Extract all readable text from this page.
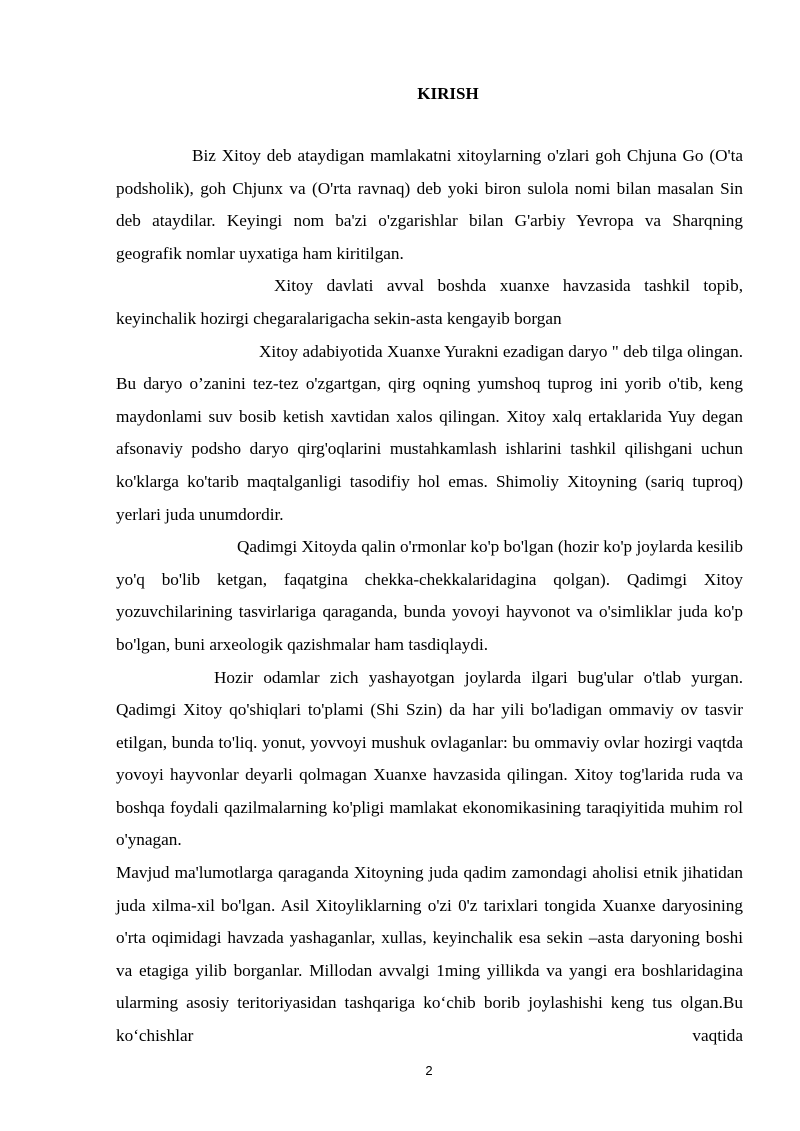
KIRISH

Biz Xitoy deb ataydigan mamlakatni xitoylarning o'zlari goh Chjuna Go (O'ta podsholik), goh Chjunx va (O'rta ravnaq) deb yoki biron sulola nomi bilan masalan Sin deb ataydilar. Keyingi nom ba'zi o'zgarishlar bilan G'arbiy Yevropa va Sharqning geografik nomlar uyxatiga ham kiritilgan.

Xitoy davlati avval boshda xuanxe havzasida tashkil topib, keyinchalik hozirgi chegaralarigacha sekin-asta kengayib borgan

Xitoy adabiyotida Xuanxe Yurakni ezadigan daryo " deb tilga olingan. Bu daryo o’zanini tez-tez o'zgartgan, qirg oqning yumshoq tuprog ini yorib o'tib, keng maydonlami suv bosib ketish xavtidan xalos qilingan. Xitoy xalq ertaklarida Yuy degan afsonaviy podsho daryo qirg'oqlarini mustahkamlash ishlarini tashkil qilishgani uchun ko'klarga ko'tarib maqtalganligi tasodifiy hol emas. Shimoliy Xitoyning (sariq tuproq) yerlari juda unumdordir.

Qadimgi Xitoyda qalin o'rmonlar ko'p bo'lgan (hozir ko'p joylarda kesilib yo'q bo'lib ketgan, faqatgina chekka-chekkalaridagina qolgan). Qadimgi Xitoy yozuvchilarining tasvirlariga qaraganda, bunda yovoyi hayvonot va o'simliklar juda ko'p bo'lgan, buni arxeologik qazishmalar ham tasdiqlaydi.

Hozir odamlar zich yashayotgan joylarda ilgari bug'ular o'tlab yurgan. Qadimgi Xitoy qo'shiqlari to'plami (Shi Szin) da har yili bo'ladigan ommaviy ov tasvir etilgan, bunda to'liq. yonut, yovvoyi mushuk ovlaganlar: bu ommaviy ovlar hozirgi vaqtda yovoyi hayvonlar deyarli qolmagan Xuanxe havzasida qilingan. Xitoy tog'larida ruda va boshqa foydali qazilmalarning ko'pligi mamlakat ekonomikasining taraqiyitida muhim rol o'ynagan.

Mavjud ma'lumotlarga qaraganda Xitoyning juda qadim zamondagi aholisi etnik jihatidan juda xilma-xil bo'lgan. Asil Xitoyliklarning o'zi 0'z tarixlari tongida Xuanxe daryosining o'rta oqimidagi havzada yashaganlar, xullas, keyinchalik esa sekin –asta daryoning boshi va etagiga yilib borganlar. Millodan avvalgi 1ming yillikda va yangi era boshlaridagina ularming asosiy teritoriyasidan tashqariga ko‘chib borib joylashishi keng tus olgan.Bu ko‘chishlar vaqtida

2
